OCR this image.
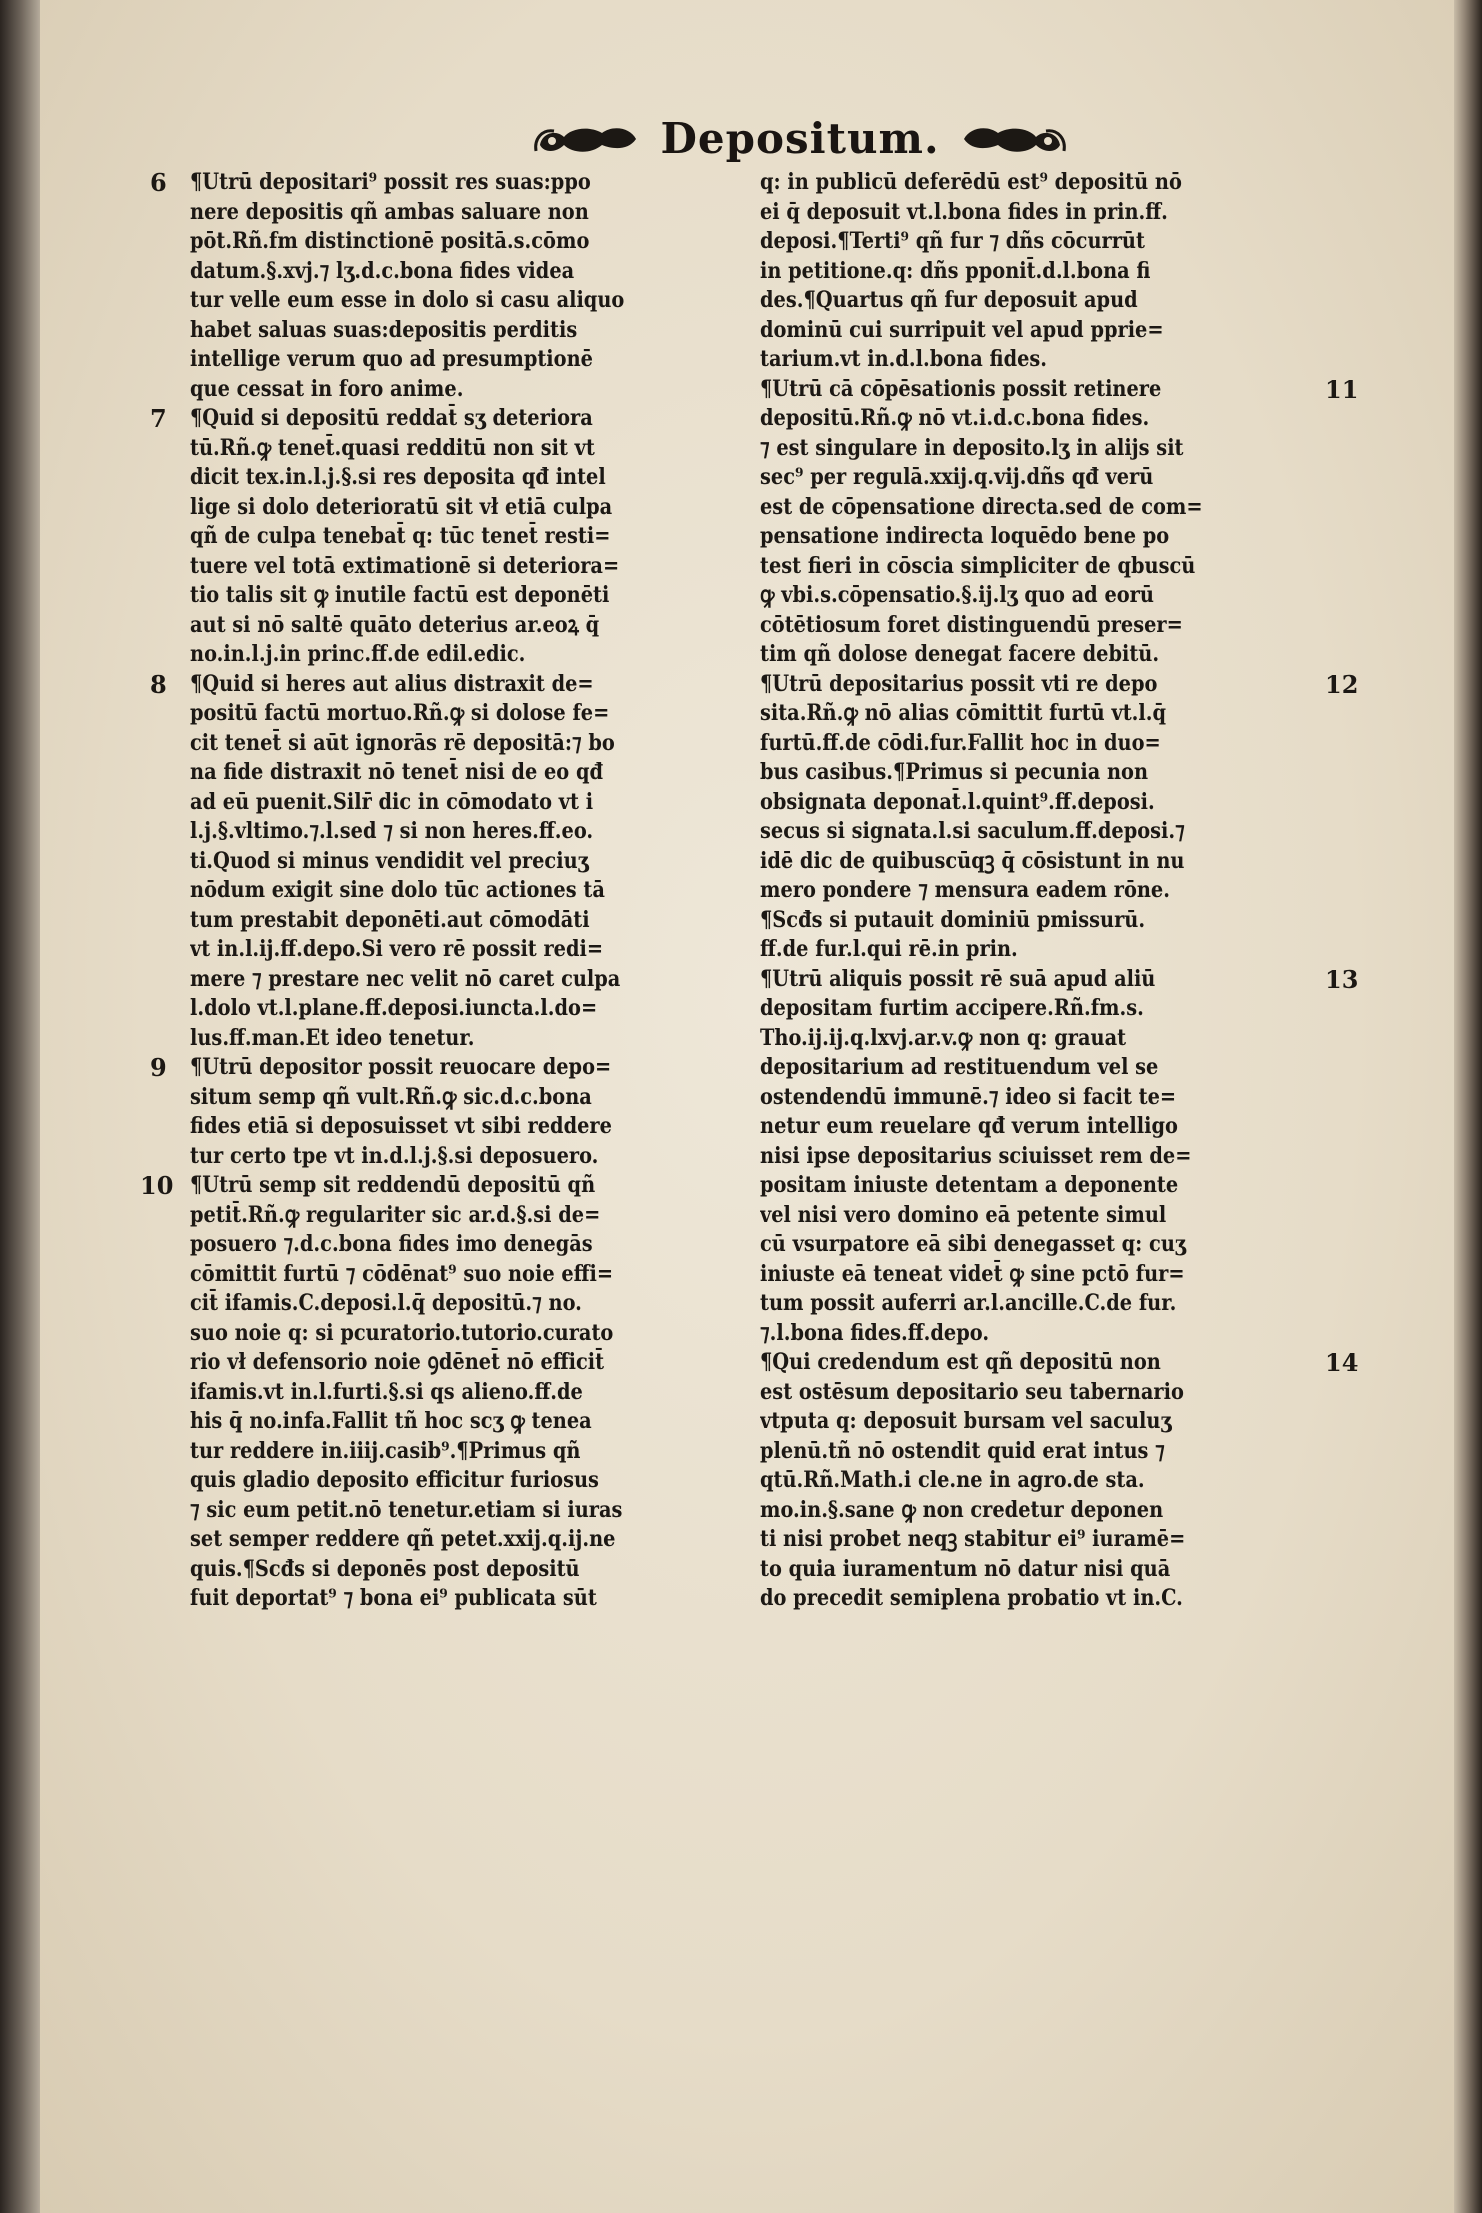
Depositum.
¶Utrū depositari⁹ possit res suas:ppo
nere depositis qñ ambas saluare non
pōt.Rñ.fm distinctionē positā.s.cōmo
datum.§.xvj.⁊ lʒ.d.c.bona fides videa
tur velle eum esse in dolo si casu aliquo
habet saluas suas:depositis perditis
intellige verum quo ad presumptionē
que cessat in foro anime.
¶Quid si depositū reddat̄ sʒ deteriora
tū.Rñ.ꝙ tenet̄.quasi redditū non sit vt
dicit tex.in.l.j.§.si res deposita qđ intel
lige si dolo deterioratū sit vł etiā culpa
qñ de culpa tenebat̄ q: tūc tenet̄ resti=
tuere vel totā extimationē si deteriora=
tio talis sit ꝙ inutile factū est deponēti
aut si nō saltē quāto deterius ar.eoꝝ q̄
no.in.l.j.in princ.ff.de edil.edic.
¶Quid si heres aut alius distraxit de=
positū factū mortuo.Rñ.ꝙ si dolose fe=
cit tenet̄ si aūt ignorās rē depositā:⁊ bo
na fide distraxit nō tenet̄ nisi de eo qđ
ad eū puenit.Silr̄ dic in cōmodato vt i
l.j.§.vltimo.⁊.l.sed ⁊ si non heres.ff.eo.
ti.Quod si minus vendidit vel preciuʒ
nōdum exigit sine dolo tūc actiones tā
tum prestabit deponēti.aut cōmodāti
vt in.l.ij.ff.depo.Si vero rē possit redi=
mere ⁊ prestare nec velit nō caret culpa
l.dolo vt.l.plane.ff.deposi.iuncta.l.do=
lus.ff.man.Et ideo tenetur.
¶Utrū depositor possit reuocare depo=
situm semp qñ vult.Rñ.ꝙ sic.d.c.bona
fides etiā si deposuisset vt sibi reddere
tur certo tpe vt in.d.l.j.§.si deposuero.
¶Utrū semp sit reddendū depositū qñ
petit̄.Rñ.ꝙ regulariter sic ar.d.§.si de=
posuero ⁊.d.c.bona fides imo denegās
cōmittit furtū ⁊ cōdēnat⁹ suo noie effi=
cit̄ ifamis.C.deposi.l.q̄ depositū.⁊ no.
suo noie q: si pcuratorio.tutorio.curato
rio vł defensorio noie ꝯdēnet̄ nō efficit̄
ifamis.vt in.l.furti.§.si qs alieno.ff.de
his q̄ no.infa.Fallit tñ hoc scʒ ꝙ tenea
tur reddere in.iiij.casib⁹.¶Primus qñ
quis gladio deposito efficitur furiosus
⁊ sic eum petit.nō tenetur.etiam si iuras
set semper reddere qñ petet.xxij.q.ij.ne
quis.¶Scđs si deponēs post depositū
fuit deportat⁹ ⁊ bona ei⁹ publicata sūt
q: in publicū deferēdū est⁹ depositū nō
ei q̄ deposuit vt.l.bona fides in prin.ff.
deposi.¶Terti⁹ qñ fur ⁊ dñs cōcurrūt
in petitione.q: dñs pponit̄.d.l.bona fi
des.¶Quartus qñ fur deposuit apud
dominū cui surripuit vel apud pprie=
tarium.vt in.d.l.bona fides.
¶Utrū cā cōpēsationis possit retinere
depositū.Rñ.ꝙ nō vt.i.d.c.bona fides.
⁊ est singulare in deposito.lʒ in alijs sit
sec⁹ per regulā.xxij.q.vij.dñs qđ verū
est de cōpensatione directa.sed de com=
pensatione indirecta loquēdo bene po
test fieri in cōscia simpliciter de qbuscū
ꝙ vbi.s.cōpensatio.§.ij.lʒ quo ad eorū
cōtētiosum foret distinguendū preser=
tim qñ dolose denegat facere debitū.
¶Utrū depositarius possit vti re depo
sita.Rñ.ꝙ nō alias cōmittit furtū vt.l.q̄
furtū.ff.de cōdi.fur.Fallit hoc in duo=
bus casibus.¶Primus si pecunia non
obsignata deponat̄.l.quint⁹.ff.deposi.
secus si signata.l.si saculum.ff.deposi.⁊
idē dic de quibuscūqꝫ q̄ cōsistunt in nu
mero pondere ⁊ mensura eadem rōne.
¶Scđs si putauit dominiū pmissurū.
ff.de fur.l.qui rē.in prin.
¶Utrū aliquis possit rē suā apud aliū
depositam furtim accipere.Rñ.fm.s.
Tho.ij.ij.q.lxvj.ar.v.ꝙ non q: grauat
depositarium ad restituendum vel se
ostendendū immunē.⁊ ideo si facit te=
netur eum reuelare qđ verum intelligo
nisi ipse depositarius sciuisset rem de=
positam iniuste detentam a deponente
vel nisi vero domino eā petente simul
cū vsurpatore eā sibi denegasset q: cuʒ
iniuste eā teneat videt̄ ꝙ sine pctō fur=
tum possit auferri ar.l.ancille.C.de fur.
⁊.l.bona fides.ff.depo.
¶Qui credendum est qñ depositū non
est ostēsum depositario seu tabernario
vtputa q: deposuit bursam vel saculuʒ
plenū.tñ nō ostendit quid erat intus ⁊
qtū.Rñ.Math.i cle.ne in agro.de sta.
mo.in.§.sane ꝙ non credetur deponen
ti nisi probet neqꝫ stabitur ei⁹ iuramē=
to quia iuramentum nō datur nisi quā
do precedit semiplena probatio vt in.C.
6
7
8
9
10
11
12
13
14
